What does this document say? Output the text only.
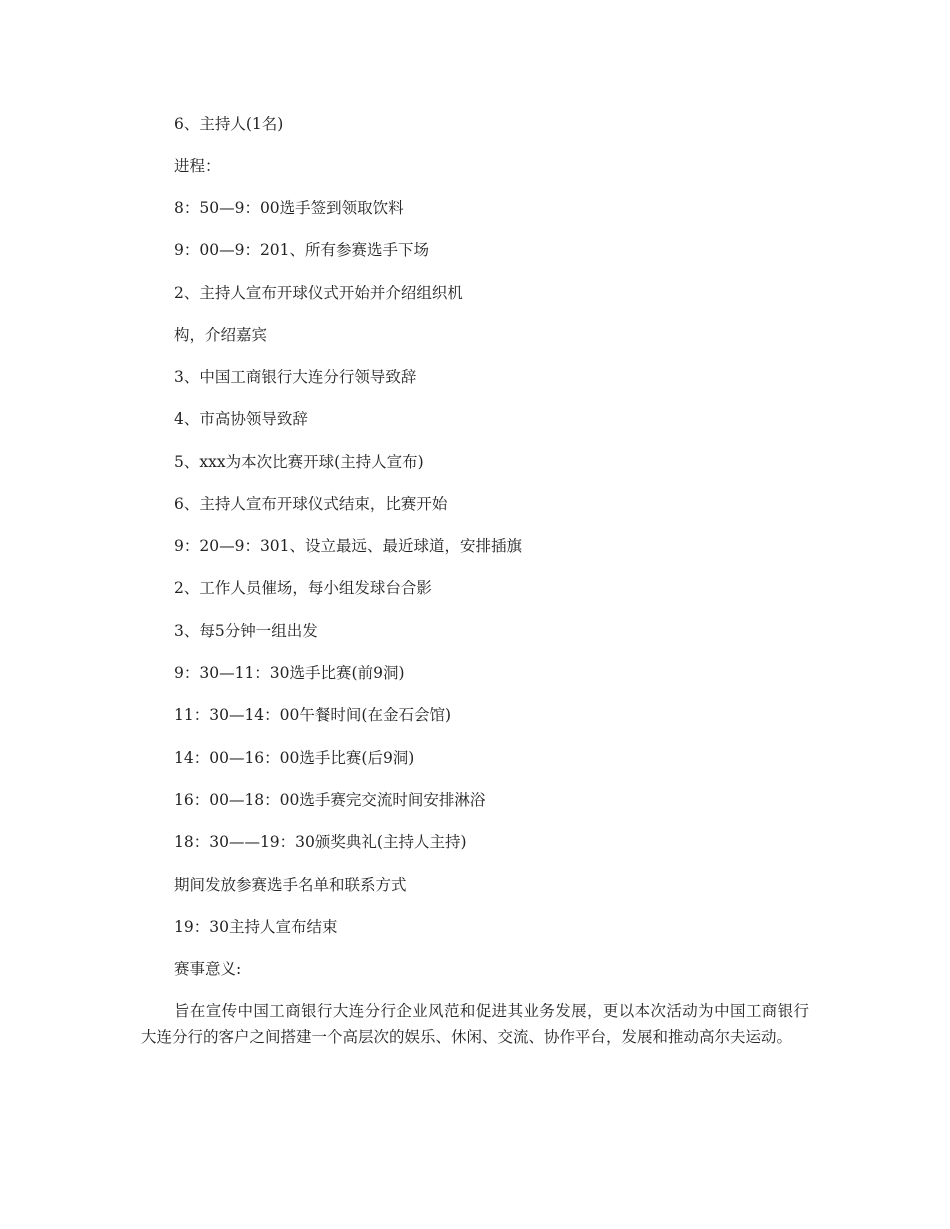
6、主持人(1名)
进程：
8：50—9：00选手签到领取饮料
9：00—9：201、所有参赛选手下场
2、主持人宣布开球仪式开始并介绍组织机
构，介绍嘉宾
3、中国工商银行大连分行领导致辞
4、市高协领导致辞
5、xxx为本次比赛开球(主持人宣布)
6、主持人宣布开球仪式结束，比赛开始
9：20—9：301、设立最远、最近球道，安排插旗
2、工作人员催场，每小组发球台合影
3、每5分钟一组出发
9：30—11：30选手比赛(前9洞)
11：30—14：00午餐时间(在金石会馆)
14：00—16：00选手比赛(后9洞)
16：00—18：00选手赛完交流时间安排淋浴
18：30——19：30颁奖典礼(主持人主持)
期间发放参赛选手名单和联系方式
19：30主持人宣布结束
赛事意义:
旨在宣传中国工商银行大连分行企业风范和促进其业务发展，更以本次活动为中国工商银行大连分行的客户之间搭建一个高层次的娱乐、休闲、交流、协作平台，发展和推动高尔夫运动。
